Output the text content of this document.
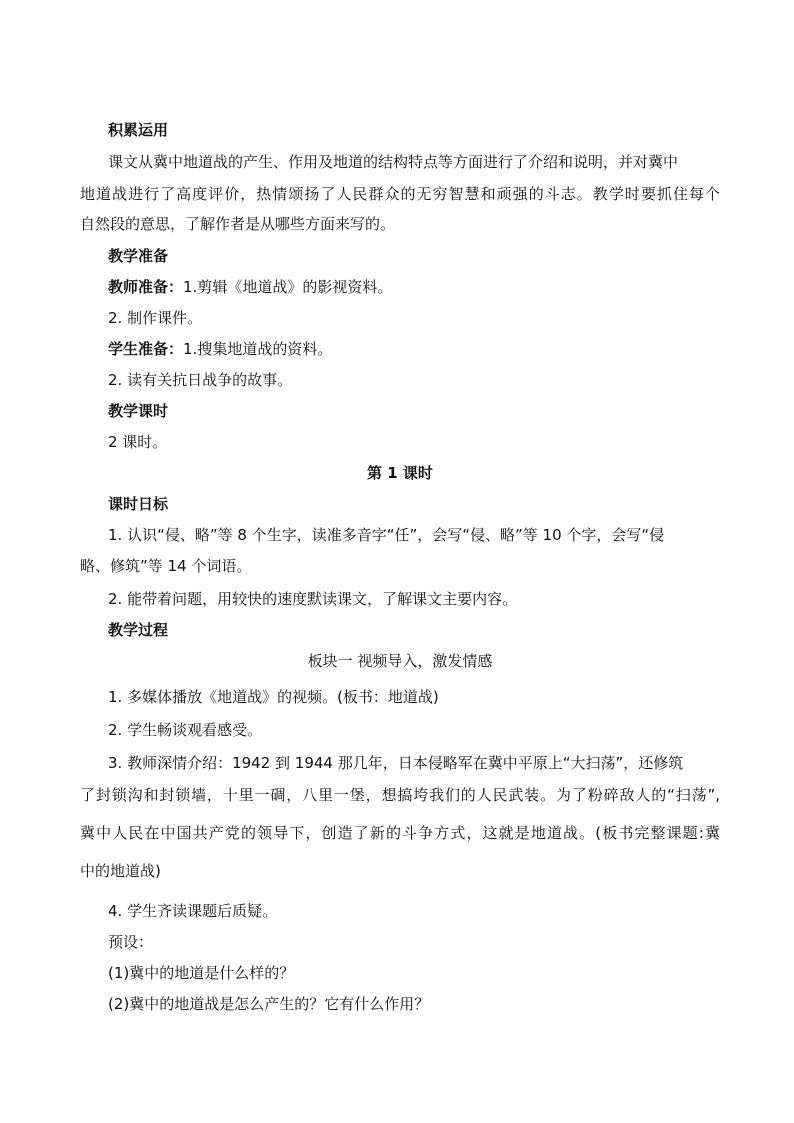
积累运用
课文从冀中地道战的产生、作用及地道的结构特点等方面进行了介绍和说明，并对冀中
地道战进行了高度评价，热情颂扬了人民群众的无穷智慧和顽强的斗志。教学时要抓住每个
自然段的意思，了解作者是从哪些方面来写的。
教学准备
教师准备：1.剪辑《地道战》的影视资料。
2. 制作课件。
学生准备：1.搜集地道战的资料。
2. 读有关抗日战争的故事。
教学课时
2 课时。
第 1 课时
课时日标
1. 认识“侵、略”等 8 个生字，读准多音字“任”，会写“侵、略”等 10 个字，会写“侵
略、修筑”等 14 个词语。
2. 能带着问题，用较快的速度默读课文，了解课文主要内容。
教学过程
板块一 视频导入，激发情感
1. 多媒体播放《地道战》的视频。(板书：地道战)
2. 学生畅谈观看感受。
3. 教师深情介绍：1942 到 1944 那几年，日本侵略军在冀中平原上“大扫荡”，还修筑
了封锁沟和封锁墙，十里一碉，八里一堡，想搞垮我们的人民武装。为了粉碎敌人的“扫荡”,
冀中人民在中国共产党的领导下，创造了新的斗争方式，这就是地道战。(板书完整课题:冀
中的地道战)
4. 学生齐读课题后质疑。
预设：
(1)冀中的地道是什么样的？
(2)冀中的地道战是怎么产生的？它有什么作用？
